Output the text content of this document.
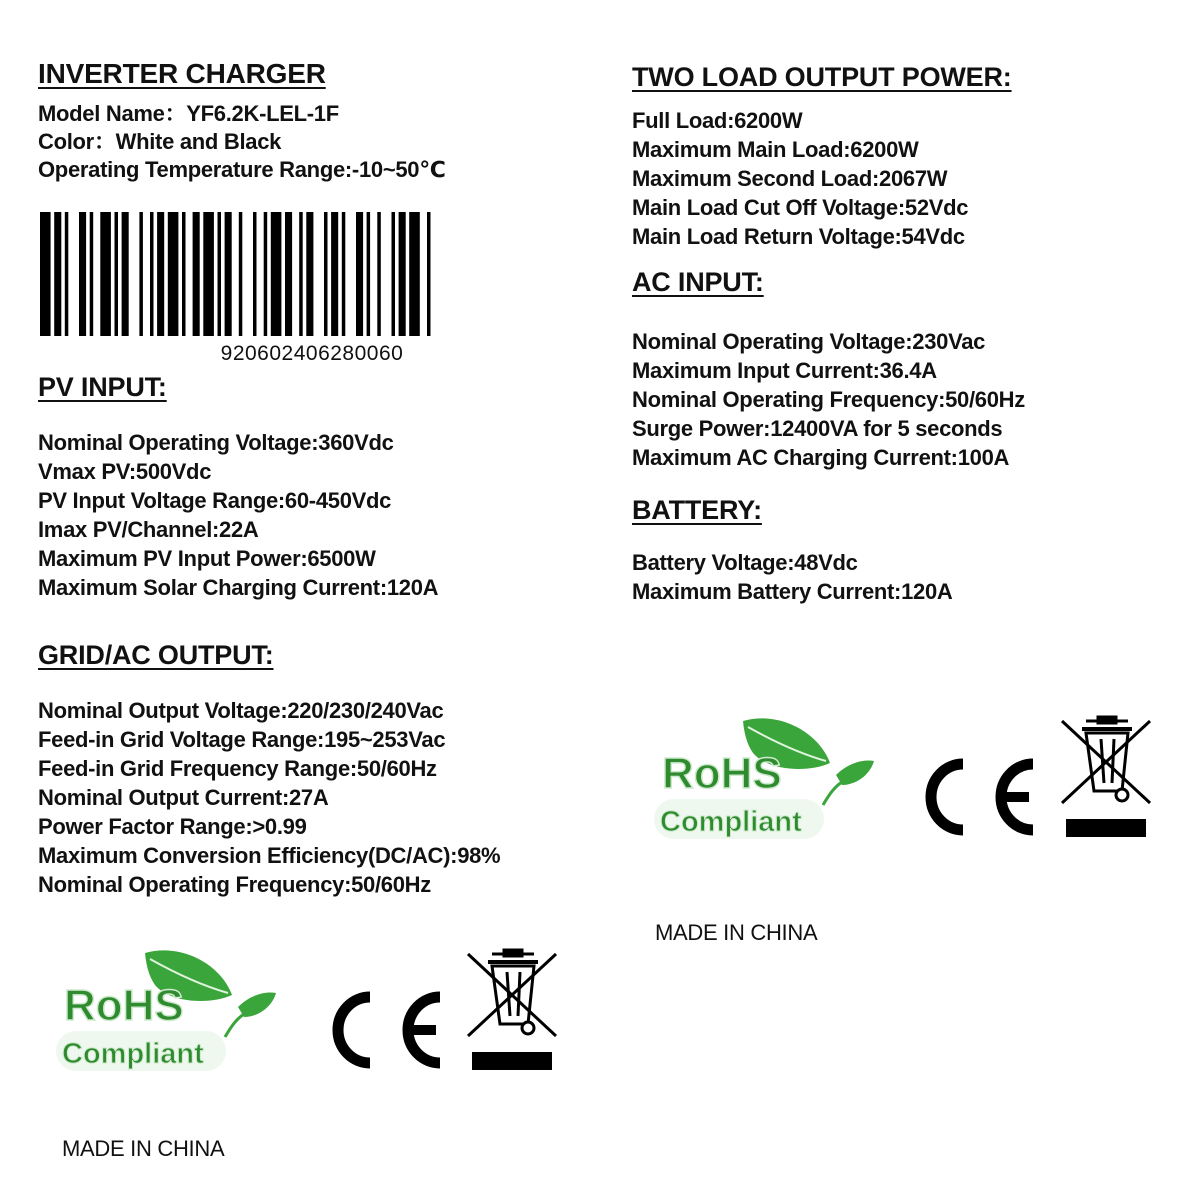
INVERTER CHARGER
Model Name：YF6.2K-LEL-1F
Color：White and Black
Operating Temperature Range:-10~50℃
920602406280060
PV INPUT:
Nominal Operating Voltage:360Vdc
Vmax PV:500Vdc
PV Input Voltage Range:60-450Vdc
Imax PV/Channel:22A
Maximum PV Input Power:6500W
Maximum Solar Charging Current:120A
GRID/AC OUTPUT:
Nominal Output Voltage:220/230/240Vac
Feed-in Grid Voltage Range:195~253Vac
Feed-in Grid Frequency Range:50/60Hz
Nominal Output Current:27A
Power Factor Range:>0.99
Maximum Conversion Efficiency(DC/AC):98%
Nominal Operating Frequency:50/60Hz
RoHS
Compliant
MADE IN CHINA
TWO LOAD OUTPUT POWER:
Full Load:6200W
Maximum Main Load:6200W
Maximum Second Load:2067W
Main Load Cut Off Voltage:52Vdc
Main Load Return Voltage:54Vdc
AC INPUT:
Nominal Operating Voltage:230Vac
Maximum Input Current:36.4A
Nominal Operating Frequency:50/60Hz
Surge Power:12400VA for 5 seconds
Maximum AC Charging Current:100A
BATTERY:
Battery Voltage:48Vdc
Maximum Battery Current:120A
RoHS
Compliant
MADE IN CHINA
